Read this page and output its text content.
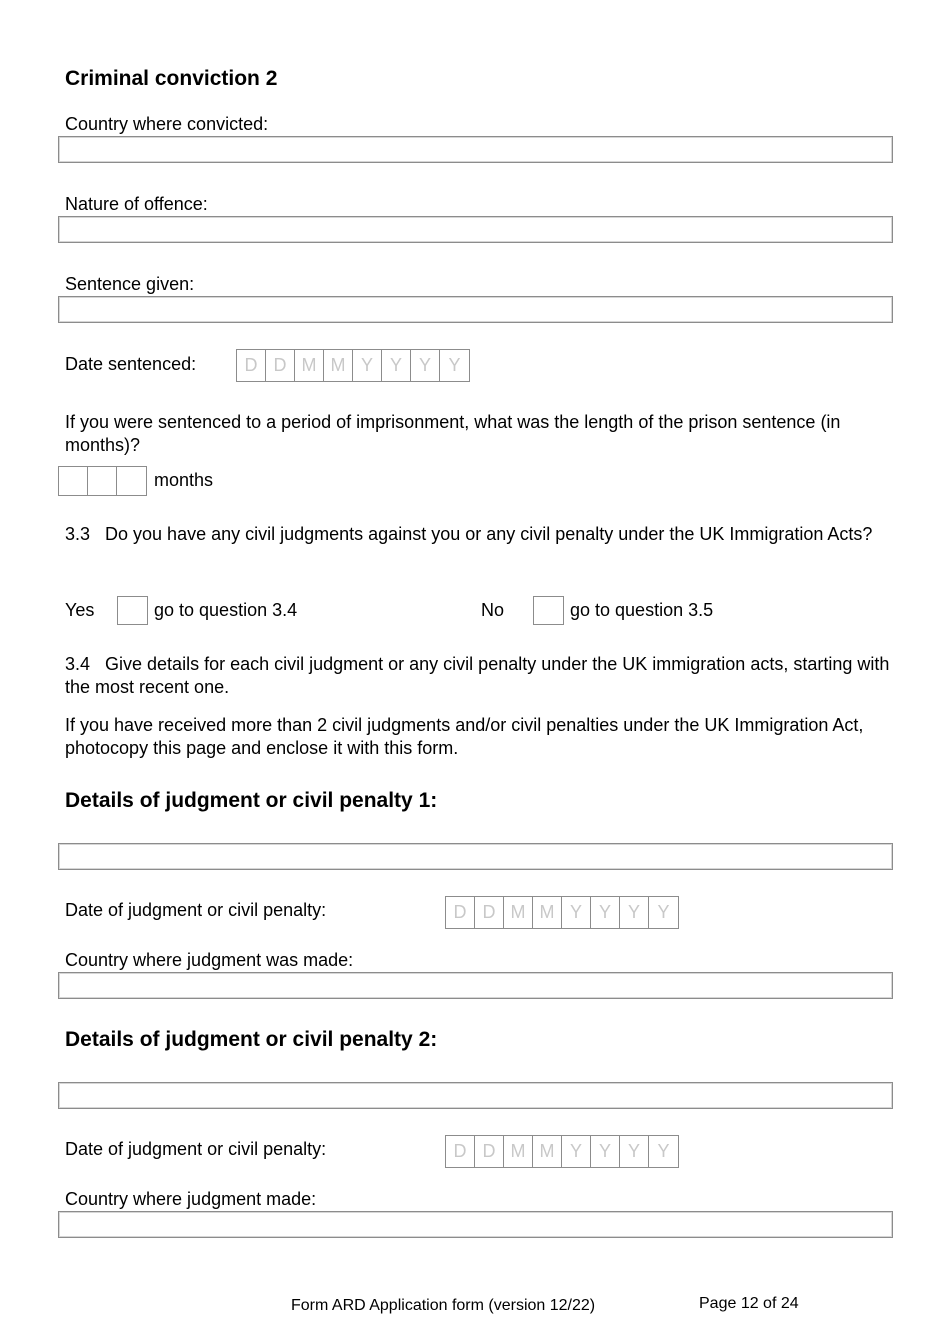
Criminal conviction 2
Country where convicted:
Nature of offence:
Sentence given:
Date sentenced:	D D M M Y Y Y Y
If you were sentenced to a period of imprisonment, what was the length of the prison sentence (in months)?
months
3.3   Do you have any civil judgments against you or any civil penalty under the UK Immigration Acts?
Yes	go to question 3.4	No	go to question 3.5
3.4   Give details for each civil judgment or any civil penalty under the UK immigration acts, starting with the most recent one.
If you have received more than 2 civil judgments and/or civil penalties under the UK Immigration Act, photocopy this page and enclose it with this form.
Details of judgment or civil penalty 1:
Date of judgment or civil penalty:	D D M M Y Y Y Y
Country where judgment was made:
Details of judgment or civil penalty 2:
Date of judgment or civil penalty:	D D M M Y Y Y Y
Country where judgment made:
Form ARD Application form (version 12/22)	Page 12 of 24
